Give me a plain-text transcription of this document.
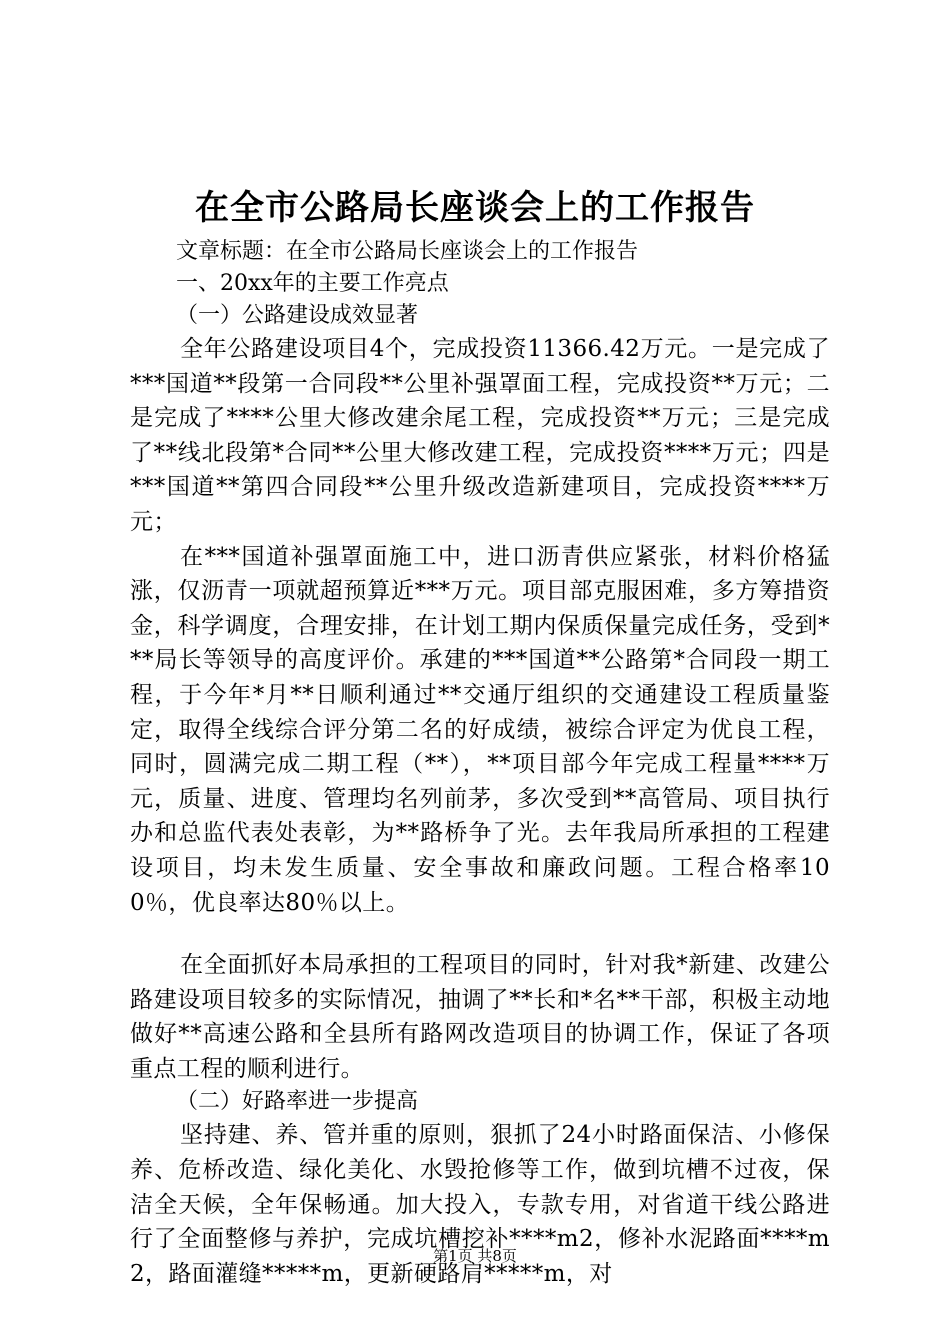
在全市公路局长座谈会上的工作报告

文章标题：在全市公路局长座谈会上的工作报告

一、20xx年的主要工作亮点

（一）公路建设成效显著

全年公路建设项目4个，完成投资11366.42万元。一是完成了***国道**段第一合同段**公里补强罩面工程，完成投资**万元；二是完成了****公里大修改建余尾工程，完成投资**万元；三是完成了**线北段第*合同**公里大修改建工程，完成投资****万元；四是***国道**第四合同段**公里升级改造新建项目，完成投资****万元；

在***国道补强罩面施工中，进口沥青供应紧张，材料价格猛涨，仅沥青一项就超预算近***万元。项目部克服困难，多方筹措资金，科学调度，合理安排，在计划工期内保质保量完成任务，受到***局长等领导的高度评价。承建的***国道**公路第*合同段一期工程，于今年*月**日顺利通过**交通厅组织的交通建设工程质量鉴定，取得全线综合评分第二名的好成绩，被综合评定为优良工程，同时，圆满完成二期工程（**），**项目部今年完成工程量****万元，质量、进度、管理均名列前茅，多次受到**高管局、项目执行办和总监代表处表彰，为**路桥争了光。去年我局所承担的工程建设项目，均未发生质量、安全事故和廉政问题。工程合格率100％，优良率达80％以上。

在全面抓好本局承担的工程项目的同时，针对我*新建、改建公路建设项目较多的实际情况，抽调了**长和*名**干部，积极主动地做好**高速公路和全县所有路网改造项目的协调工作，保证了各项重点工程的顺利进行。

（二）好路率进一步提高

坚持建、养、管并重的原则，狠抓了24小时路面保洁、小修保养、危桥改造、绿化美化、水毁抢修等工作，做到坑槽不过夜，保洁全天候，全年保畅通。加大投入，专款专用，对省道干线公路进行了全面整修与养护，完成坑槽挖补****m2，修补水泥路面****m2，路面灌缝*****m，更新硬路肩*****m，对

第1页 共8页
